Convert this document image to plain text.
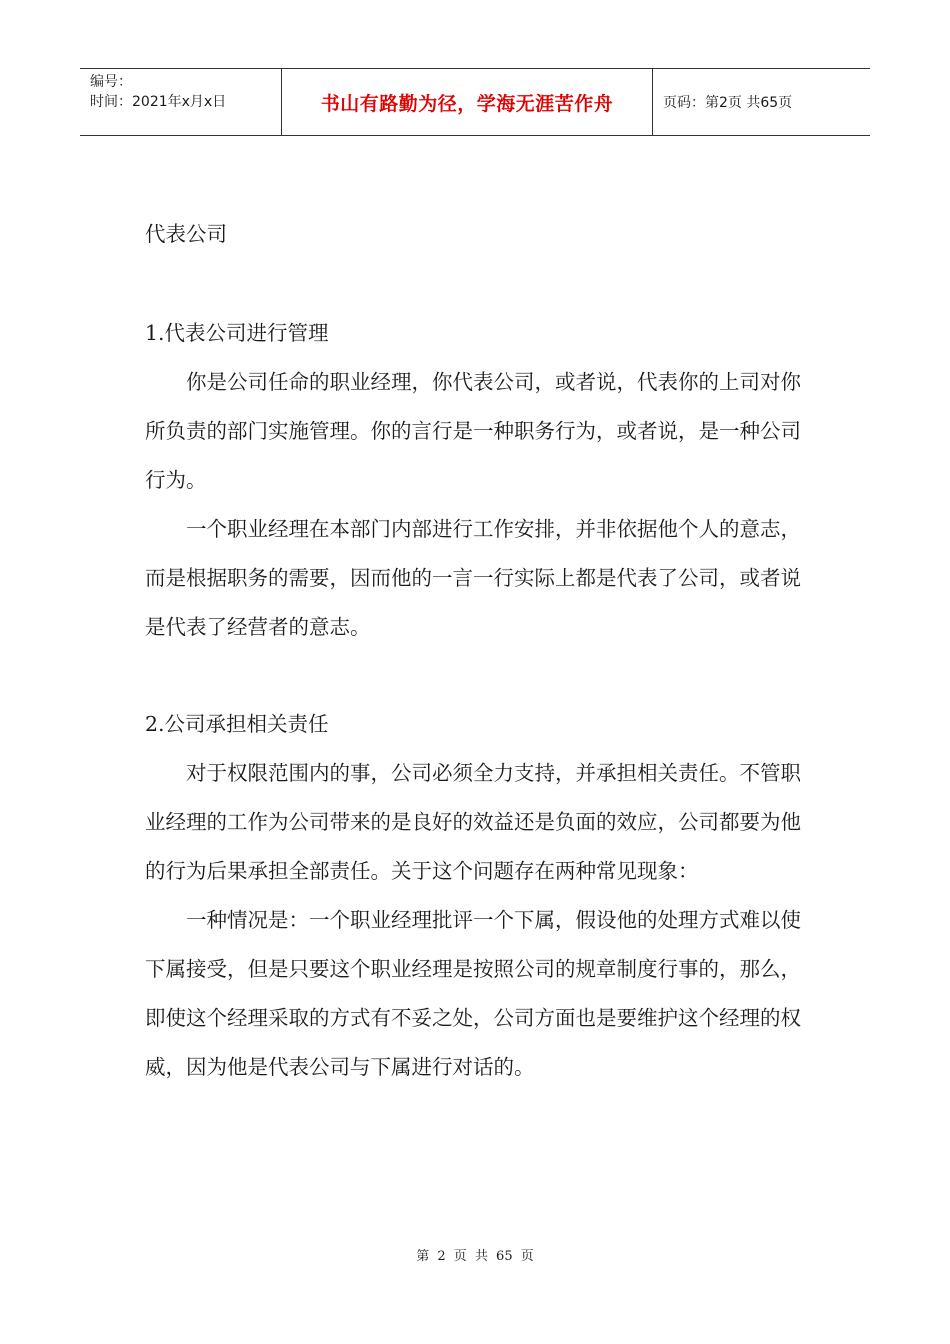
编号：
时间：2021年x月x日	书山有路勤为径，学海无涯苦作舟	页码：第2页 共65页

代表公司

1.代表公司进行管理

你是公司任命的职业经理，你代表公司，或者说，代表你的上司对你所负责的部门实施管理。你的言行是一种职务行为，或者说，是一种公司行为。

一个职业经理在本部门内部进行工作安排，并非依据他个人的意志，而是根据职务的需要，因而他的一言一行实际上都是代表了公司，或者说是代表了经营者的意志。

2.公司承担相关责任

对于权限范围内的事，公司必须全力支持，并承担相关责任。不管职业经理的工作为公司带来的是良好的效益还是负面的效应，公司都要为他的行为后果承担全部责任。关于这个问题存在两种常见现象：

一种情况是：一个职业经理批评一个下属，假设他的处理方式难以使下属接受，但是只要这个职业经理是按照公司的规章制度行事的，那么，即使这个经理采取的方式有不妥之处，公司方面也是要维护这个经理的权威，因为他是代表公司与下属进行对话的。

第 2 页 共 65 页
